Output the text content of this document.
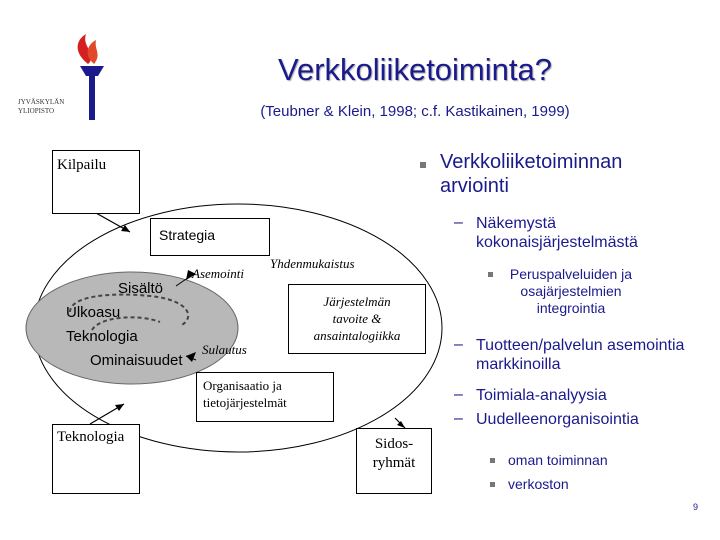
JYVÄSKYLÄN YLIOPISTO
Verkkoliiketoiminta?
(Teubner & Klein, 1998; c.f. Kastikainen, 1999)
Kilpailu
Teknologia	Sidos-
ryhmät
Strategia
Järjestelmän
tavoite &
ansaintalogiikka
Organisaatio ja
tietojärjestelmät
Asemointi
Yhdenmukaistus
Sisältö
Ulkoasu
Teknologia
Ominaisuudet
Sulautus
Verkkoliiketoiminnan arviointi
– Näkemystä kokonaisjärjestelmästä
Peruspalveluiden ja osajärjestelmien integrointia
– Tuotteen/palvelun asemointia markkinoilla
– Toimiala-analyysia
– Uudelleenorganisointia
oman toiminnan
verkoston
9
